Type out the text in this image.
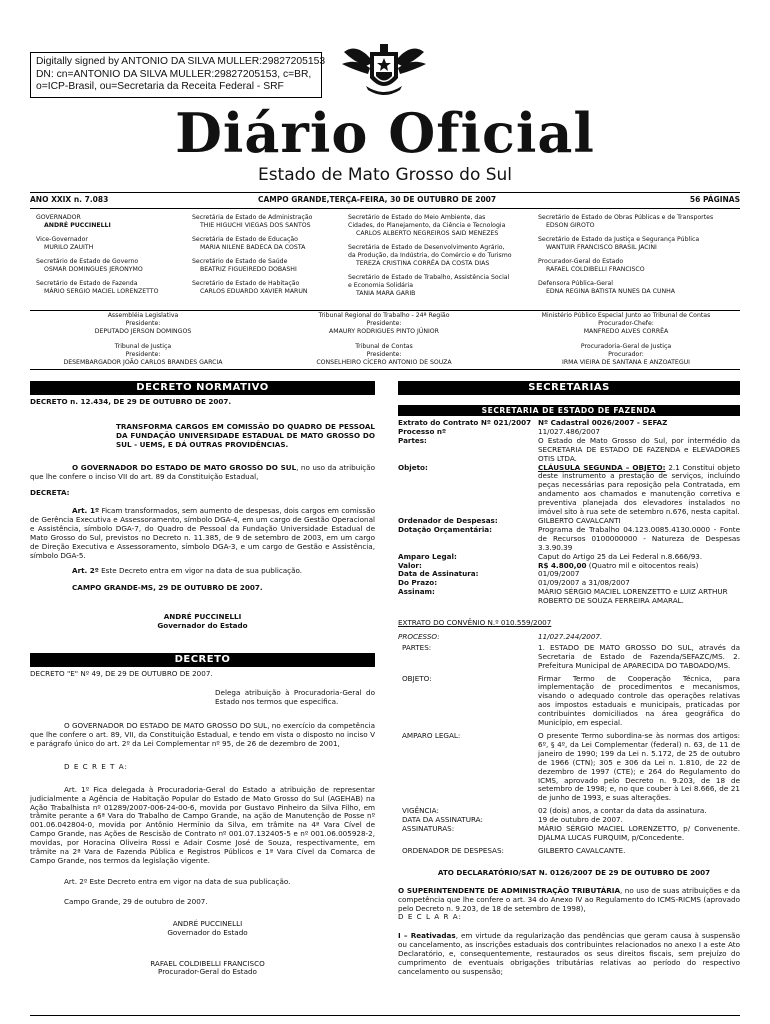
Digitally signed by ANTONIO DA SILVA MULLER:29827205153
DN: cn=ANTONIO DA SILVA MULLER:29827205153, c=BR,
o=ICP-Brasil, ou=Secretaria da Receita Federal - SRF
Diário Oficial
Estado de Mato Grosso do Sul
ANO XXIX n. 7.083	CAMPO GRANDE,TERÇA-FEIRA, 30 DE OUTUBRO DE 2007	56 PÁGINAS
GOVERNADOR
ANDRÉ PUCCINELLI
Vice-Governador
MURILO ZAUITH
Secretário de Estado de Governo
OSMAR DOMINGUES JERONYMO
Secretário de Estado de Fazenda
MÁRIO SERGIO MACIEL LORENZETTO
Secretária de Estado de Administração
THIE HIGUCHI VIEGAS DOS SANTOS
Secretária de Estado de Educação
MARIA NILENE BADECA DA COSTA
Secretário de Estado de Saúde
BEATRIZ FIGUEIREDO DOBASHI
Secretário de Estado de Habitação
CARLOS EDUARDO XAVIER MARUN
Secretário de Estado do Meio Ambiente, das
Cidades, do Planejamento, da Ciência e Tecnologia
CARLOS ALBERTO NEGREIROS SAID MENEZES
Secretária de Estado de Desenvolvimento Agrário,
da Produção, da Indústria, do Comércio e do Turismo
TEREZA CRISTINA CORRÊA DA COSTA DIAS
Secretário de Estado de Trabalho, Assistência Social
e Economia Solidária
TANIA MARA GARIB
Secretário de Estado de Obras Públicas e de Transportes
EDSON GIROTO
Secretário de Estado da Justiça e Segurança Pública
WANTUIR FRANCISCO BRASIL JACINI
Procurador-Geral do Estado
RAFAEL COLDIBELLI FRANCISCO
Defensora Pública-Geral
EDNA REGINA BATISTA NUNES DA CUNHA
Assembléia Legislativa
Presidente:
DEPUTADO JERSON DOMINGOS
Tribunal Regional do Trabalho - 24ª Região
Presidente:
AMAURY RODRIGUES PINTO JÚNIOR
Ministério Público Especial Junto ao Tribunal de Contas
Procurador-Chefe:
MANFREDO ALVES CORRÊA
Tribunal de Justiça
Presidente:
DESEMBARGADOR JOÃO CARLOS BRANDES GARCIA
Tribunal de Contas
Presidente:
CONSELHEIRO CÍCERO ANTONIO DE SOUZA
Procuradoria-Geral de Justiça
Procurador:
IRMA VIEIRA DE SANTANA E ANZOATEGUI
DECRETO NORMATIVO

DECRETO n. 12.434, DE 29 DE OUTUBRO DE 2007.

TRANSFORMA CARGOS EM COMISSÃO DO QUADRO DE PESSOAL DA FUNDAÇÃO UNIVERSIDADE ESTADUAL DE MATO GROSSO DO SUL - UEMS, E DÁ OUTRAS PROVIDÊNCIAS.

O GOVERNADOR DO ESTADO DE MATO GROSSO DO SUL, no uso da atribuição que lhe confere o inciso VII do art. 89 da Constituição Estadual,

DECRETA:

Art. 1º Ficam transformados, sem aumento de despesas, dois cargos em comissão de Gerência Executiva e Assessoramento, símbolo DGA-4, em um cargo de Gestão Operacional e Assistência, símbolo DGA-7, do Quadro de Pessoal da Fundação Universidade Estadual de Mato Grosso do Sul, previstos no Decreto n. 11.385, de 9 de setembro de 2003, em um cargo de Direção Executiva e Assessoramento, símbolo DGA-3, e um cargo de Gestão e Assistência, símbolo DGA-5.

Art. 2º Este Decreto entra em vigor na data de sua publicação.

CAMPO GRANDE-MS, 29 DE OUTUBRO DE 2007.

ANDRÉ PUCCINELLI

Governador do Estado

DECRETO

DECRETO "E" Nº 49, DE 29 DE OUTUBRO DE 2007.

Delega atribuição à Procuradoria-Geral do Estado nos termos que especifica.

O GOVERNADOR DO ESTADO DE MATO GROSSO DO SUL, no exercício da competência que lhe confere o art. 89, VII, da Constituição Estadual, e tendo em vista o disposto no inciso V e parágrafo único do art. 2º da Lei Complementar nº 95, de 26 de dezembro de 2001,

D E C R E T A:

Art. 1º Fica delegada à Procuradoria-Geral do Estado a atribuição de representar judicialmente a Agência de Habitação Popular do Estado de Mato Grosso do Sul (AGEHAB) na Ação Trabalhista nº 01289/2007-006-24-00-6, movida por Gustavo Pinheiro da Silva Filho, em trâmite perante a 6ª Vara do Trabalho de Campo Grande, na ação de Manutenção de Posse nº 001.06.042804-0, movida por Antônio Hermínio da Silva, em trâmite na 4ª Vara Cível de Campo Grande, nas Ações de Rescisão de Contrato nº 001.07.132405-5 e nº 001.06.005928-2, movidas, por Horacina Oliveira Rossi e Adair Cosme José de Souza, respectivamente, em trâmite na 2ª Vara de Fazenda Pública e Registros Públicos e 1ª Vara Cível da Comarca de Campo Grande, nos termos da legislação vigente.

Art. 2º Este Decreto entra em vigor na data de sua publicação.

Campo Grande, 29 de outubro de 2007.

ANDRÉ PUCCINELLI

Governador do Estado

RAFAEL COLDIBELLI FRANCISCO

Procurador-Geral do Estado

SECRETARIAS
SECRETARIA DE ESTADO DE FAZENDA
Extrato do Contrato Nº 021/2007 Nº Cadastral 0026/2007 - SEFAZ
Processo nº	11/027.486/2007
Partes:	O Estado de Mato Grosso do Sul, por intermédio da SECRETARIA DE ESTADO DE FAZENDA e ELEVADORES OTIS LTDA.
Objeto:	CLÁUSULA SEGUNDA – OBJETO: 2.1 Constitui objeto deste instrumento a prestação de serviços, incluindo peças necessárias para reposição pela Contratada, em andamento aos chamados e manutenção corretiva e preventiva planejada dos elevadores instalados no imóvel sito à rua sete de setembro n.676, nesta capital.
Ordenador de Despesas:	GILBERTO CAVALCANTI
Dotação Orçamentária:	Programa de Trabalho 04.123.0085.4130.0000 - Fonte de Recursos 0100000000 - Natureza de Despesas 3.3.90.39
Amparo Legal:	Caput do Artigo 25 da Lei Federal n.8.666/93.
Valor:	R$ 4.800,00 (Quatro mil e oitocentos reais)
Data de Assinatura:	01/09/2007
Do Prazo:	01/09/2007 a 31/08/2007
Assinam:	MÁRIO SÉRGIO MACIEL LORENZETTO e LUIZ ARTHUR ROBERTO DE SOUZA FERREIRA AMARAL.

EXTRATO DO CONVÊNIO N.º 010.559/2007

PROCESSO:	11/027.244/2007.
PARTES:	1. ESTADO DE MATO GROSSO DO SUL, através da Secretaria de Estado de Fazenda/SEFAZC/MS. 2. Prefeitura Municipal de APARECIDA DO TABOADO/MS.
OBJETO:	Firmar Termo de Cooperação Técnica, para implementação de procedimentos e mecanismos, visando o adequado controle das operações relativas aos impostos estaduais e municipais, praticadas por contribuintes domiciliados na área geográfica do Município, em especial.
AMPARO LEGAL:	O presente Termo subordina-se às normas dos artigos: 6º, § 4º, da Lei Complementar (federal) n. 63, de 11 de janeiro de 1990; 199 da Lei n. 5.172, de 25 de outubro de 1966 (CTN); 305 e 306 da Lei n. 1.810, de 22 de dezembro de 1997 (CTE); e 264 do Regulamento do ICMS, aprovado pelo Decreto n. 9.203, de 18 de setembro de 1998; e, no que couber à Lei 8.666, de 21 de junho de 1993, e suas alterações.
VIGÊNCIA:	02 (dois) anos, a contar da data da assinatura.
DATA DA ASSINATURA:	19 de outubro de 2007.
ASSINATURAS:	MÁRIO SÉRGIO MACIEL LORENZETTO, p/ Convenente. DJALMA LUCAS FURQUIM, p/Concedente.
ORDENADOR DE DESPESAS:	GILBERTO CAVALCANTE.

ATO DECLARATÓRIO/SAT N. 0126/2007 DE 29 DE OUTUBRO DE 2007

O SUPERINTENDENTE DE ADMINISTRAÇÃO TRIBUTÁRIA, no uso de suas atribuições e da competência que lhe confere o art. 34 do Anexo IV ao Regulamento do ICMS-RICMS (aprovado pelo Decreto n. 9.203, de 18 de setembro de 1998),

D E C L A R A:

I – Reativadas, em virtude da regularização das pendências que geram causa à suspensão ou cancelamento, as inscrições estaduais dos contribuintes relacionados no anexo I a este Ato Declaratório, e, consequentemente, restaurados os seus direitos fiscais, sem prejuízo do cumprimento de eventuais obrigações tributárias relativas ao período do respectivo cancelamento ou suspensão;
